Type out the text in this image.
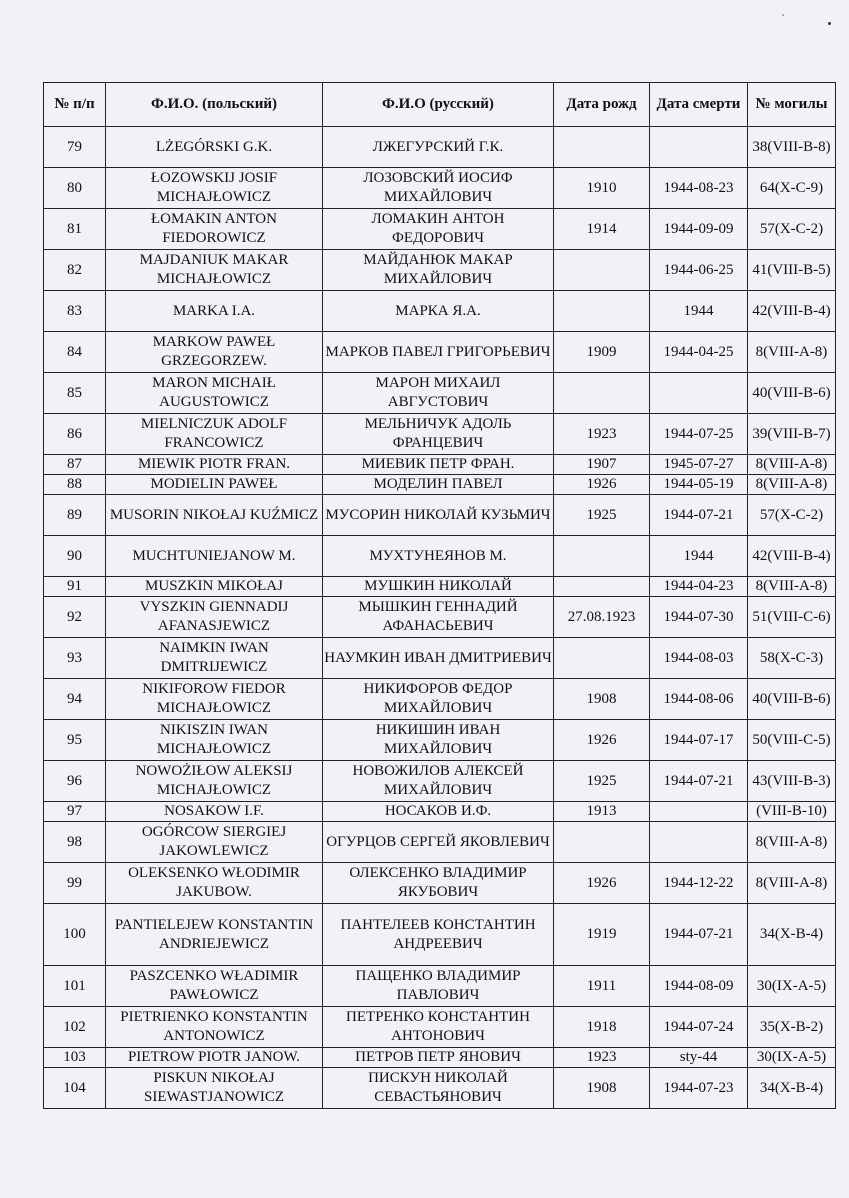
№ п/п	Ф.И.О. (польский)	Ф.И.О (русский)	Дата рожд	Дата смерти	№ могилы
79	LŻEGÓRSKI G.K.	ЛЖЕГУРСКИЙ Г.К.			38(VIII-B-8)
80	ŁOZOWSKIJ JOSIF MICHAJŁOWICZ	ЛОЗОВСКИЙ ИОСИФ МИХАЙЛОВИЧ	1910	1944-08-23	64(X-C-9)
81	ŁOMAKIN ANTON FIEDOROWICZ	ЛОМАКИН АНТОН ФЕДОРОВИЧ	1914	1944-09-09	57(X-C-2)
82	MAJDANIUK MAKAR MICHAJŁOWICZ	МАЙДАНЮК МАКАР МИХАЙЛОВИЧ		1944-06-25	41(VIII-B-5)
83	MARKA I.A.	МАРКА Я.А.		1944	42(VIII-B-4)
84	MARKOW PAWEŁ GRZEGORZEW.	МАРКОВ ПАВЕЛ ГРИГОРЬЕВИЧ	1909	1944-04-25	8(VIII-A-8)
85	MARON MICHAIŁ AUGUSTOWICZ	МАРОН МИХАИЛ АВГУСТОВИЧ			40(VIII-B-6)
86	MIELNICZUK ADOLF FRANCOWICZ	МЕЛЬНИЧУК АДОЛЬ ФРАНЦЕВИЧ	1923	1944-07-25	39(VIII-B-7)
87	MIEWIK PIOTR FRAN.	МИЕВИК ПЕТР ФРАН.	1907	1945-07-27	8(VIII-A-8)
88	MODIELIN PAWEŁ	МОДЕЛИН ПАВЕЛ	1926	1944-05-19	8(VIII-A-8)
89	MUSORIN NIKOŁAJ KUŹMICZ	МУСОРИН НИКОЛАЙ КУЗЬМИЧ	1925	1944-07-21	57(X-C-2)
90	MUCHTUNIEJANOW M.	МУХТУНЕЯНОВ М.		1944	42(VIII-B-4)
91	MUSZKIN MIKOŁAJ	МУШКИН НИКОЛАЙ		1944-04-23	8(VIII-A-8)
92	VYSZKIN GIENNADIJ AFANASJEWICZ	МЫШКИН ГЕННАДИЙ АФАНАСЬЕВИЧ	27.08.1923	1944-07-30	51(VIII-C-6)
93	NAIMKIN IWAN DMITRIJEWICZ	НАУМКИН ИВАН ДМИТРИЕВИЧ		1944-08-03	58(X-C-3)
94	NIKIFOROW FIEDOR MICHAJŁOWICZ	НИКИФОРОВ ФЕДОР МИХАЙЛОВИЧ	1908	1944-08-06	40(VIII-B-6)
95	NIKISZIN IWAN MICHAJŁOWICZ	НИКИШИН ИВАН МИХАЙЛОВИЧ	1926	1944-07-17	50(VIII-C-5)
96	NOWOŻIŁOW ALEKSIJ MICHAJŁOWICZ	НОВОЖИЛОВ АЛЕКСЕЙ МИХАЙЛОВИЧ	1925	1944-07-21	43(VIII-B-3)
97	NOSAKOW I.F.	НОСАКОВ И.Ф.	1913		(VIII-B-10)
98	OGÓRCOW SIERGIEJ JAKOWLEWICZ	ОГУРЦОВ СЕРГЕЙ ЯКОВЛЕВИЧ			8(VIII-A-8)
99	OLEKSENKO WŁODIMIR JAKUBOW.	ОЛЕКСЕНКО ВЛАДИМИР ЯКУБОВИЧ	1926	1944-12-22	8(VIII-A-8)
100	PANTIELEJEW KONSTANTIN ANDRIEJEWICZ	ПАНТЕЛЕЕВ КОНСТАНТИН АНДРЕЕВИЧ	1919	1944-07-21	34(X-B-4)
101	PASZCENKO WŁADIMIR PAWŁOWICZ	ПАЩЕНКО ВЛАДИМИР ПАВЛОВИЧ	1911	1944-08-09	30(IX-A-5)
102	PIETRIENKO KONSTANTIN ANTONOWICZ	ПЕТРЕНКО КОНСТАНТИН АНТОНОВИЧ	1918	1944-07-24	35(X-B-2)
103	PIETROW PIOTR JANOW.	ПЕТРОВ ПЕТР ЯНОВИЧ	1923	sty-44	30(IX-A-5)
104	PISKUN NIKOŁAJ SIEWASTJANOWICZ	ПИСКУН НИКОЛАЙ СЕВАСТЬЯНОВИЧ	1908	1944-07-23	34(X-B-4)
